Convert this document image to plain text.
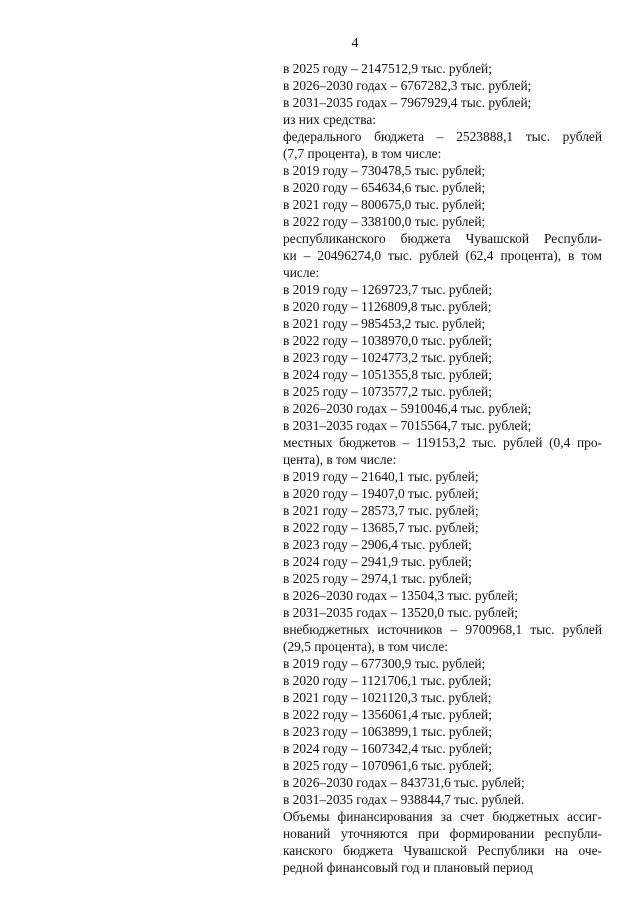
4
в 2025 году – 2147512,9 тыс. рублей;
в 2026–2030 годах – 6767282,3 тыс. рублей;
в 2031–2035 годах – 7967929,4 тыс. рублей;
из них средства:
федерального бюджета – 2523888,1 тыс. рублей
(7,7 процента), в том числе:
в 2019 году – 730478,5 тыс. рублей;
в 2020 году – 654634,6 тыс. рублей;
в 2021 году – 800675,0 тыс. рублей;
в 2022 году – 338100,0 тыс. рублей;
республиканского бюджета Чувашской Республи-
ки – 20496274,0 тыс. рублей (62,4 процента), в том
числе:
в 2019 году – 1269723,7 тыс. рублей;
в 2020 году – 1126809,8 тыс. рублей;
в 2021 году – 985453,2 тыс. рублей;
в 2022 году – 1038970,0 тыс. рублей;
в 2023 году – 1024773,2 тыс. рублей;
в 2024 году – 1051355,8 тыс. рублей;
в 2025 году – 1073577,2 тыс. рублей;
в 2026–2030 годах – 5910046,4 тыс. рублей;
в 2031–2035 годах – 7015564,7 тыс. рублей;
местных бюджетов – 119153,2 тыс. рублей (0,4 про-
цента), в том числе:
в 2019 году – 21640,1 тыс. рублей;
в 2020 году – 19407,0 тыс. рублей;
в 2021 году – 28573,7 тыс. рублей;
в 2022 году – 13685,7 тыс. рублей;
в 2023 году – 2906,4 тыс. рублей;
в 2024 году – 2941,9 тыс. рублей;
в 2025 году – 2974,1 тыс. рублей;
в 2026–2030 годах – 13504,3 тыс. рублей;
в 2031–2035 годах – 13520,0 тыс. рублей;
внебюджетных источников – 9700968,1 тыс. рублей
(29,5 процента), в том числе:
в 2019 году – 677300,9 тыс. рублей;
в 2020 году – 1121706,1 тыс. рублей;
в 2021 году – 1021120,3 тыс. рублей;
в 2022 году – 1356061,4 тыс. рублей;
в 2023 году – 1063899,1 тыс. рублей;
в 2024 году – 1607342,4 тыс. рублей;
в 2025 году – 1070961,6 тыс. рублей;
в 2026–2030 годах – 843731,6 тыс. рублей;
в 2031–2035 годах – 938844,7 тыс. рублей.
Объемы финансирования за счет бюджетных ассиг-
нований уточняются при формировании республи-
канского бюджета Чувашской Республики на оче-
редной финансовый год и плановый период
